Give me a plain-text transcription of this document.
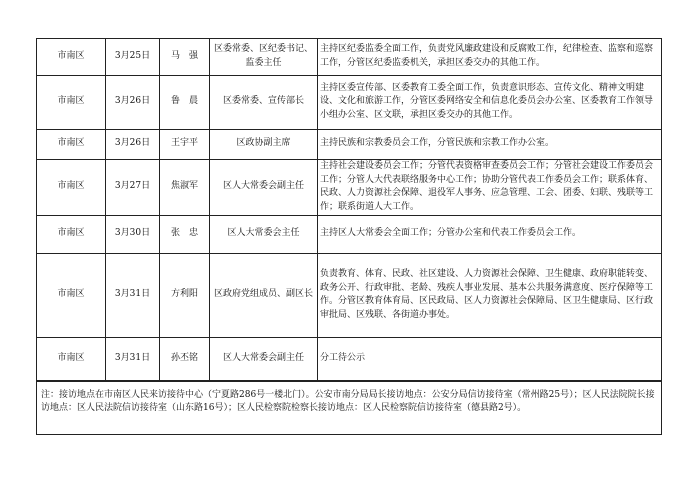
市南区	3月25日	马　强	区委常委、区纪委书记、监委主任	主持区纪委监委全面工作，负责党风廉政建设和反腐败工作，纪律检查、监察和巡察工作，分管区纪委监委机关，承担区委交办的其他工作。
市南区	3月26日	鲁　晨	区委常委、宣传部长	主持区委宣传部、区委教育工委全面工作，负责意识形态、宣传文化、精神文明建设、文化和旅游工作，分管区委网络安全和信息化委员会办公室、区委教育工作领导小组办公室、区文联，承担区委交办的其他工作。
市南区	3月26日	王宇平	区政协副主席	主持民族和宗教委员会工作，分管民族和宗教工作办公室。
市南区	3月27日	焦淑军	区人大常委会副主任	主持社会建设委员会工作；分管代表资格审查委员会工作；分管社会建设工作委员会工作；分管人大代表联络服务中心工作；协助分管代表工作委员会工作；联系体育、民政、人力资源社会保障、退役军人事务、应急管理、工会、团委、妇联、残联等工作；联系街道人大工作。
市南区	3月30日	张　忠	区人大常委会主任	主持区人大常委会全面工作；分管办公室和代表工作委员会工作。
市南区	3月31日	方利阳	区政府党组成员、副区长	负责教育、体育、民政、社区建设、人力资源社会保障、卫生健康、政府职能转变、政务公开、行政审批、老龄、残疾人事业发展、基本公共服务满意度、医疗保障等工作。分管区教育体育局、区民政局、区人力资源社会保障局、区卫生健康局、区行政审批局、区残联、各街道办事处。
市南区	3月31日	孙丕铭	区人大常委会副主任	分工待公示
注：接访地点在市南区人民来访接待中心（宁夏路286号一楼北门）。公安市南分局局长接访地点：公安分局信访接待室（常州路25号）；区人民法院院长接访地点：区人民法院信访接待室（山东路16号）；区人民检察院检察长接访地点：区人民检察院信访接待室（德县路2号）。
